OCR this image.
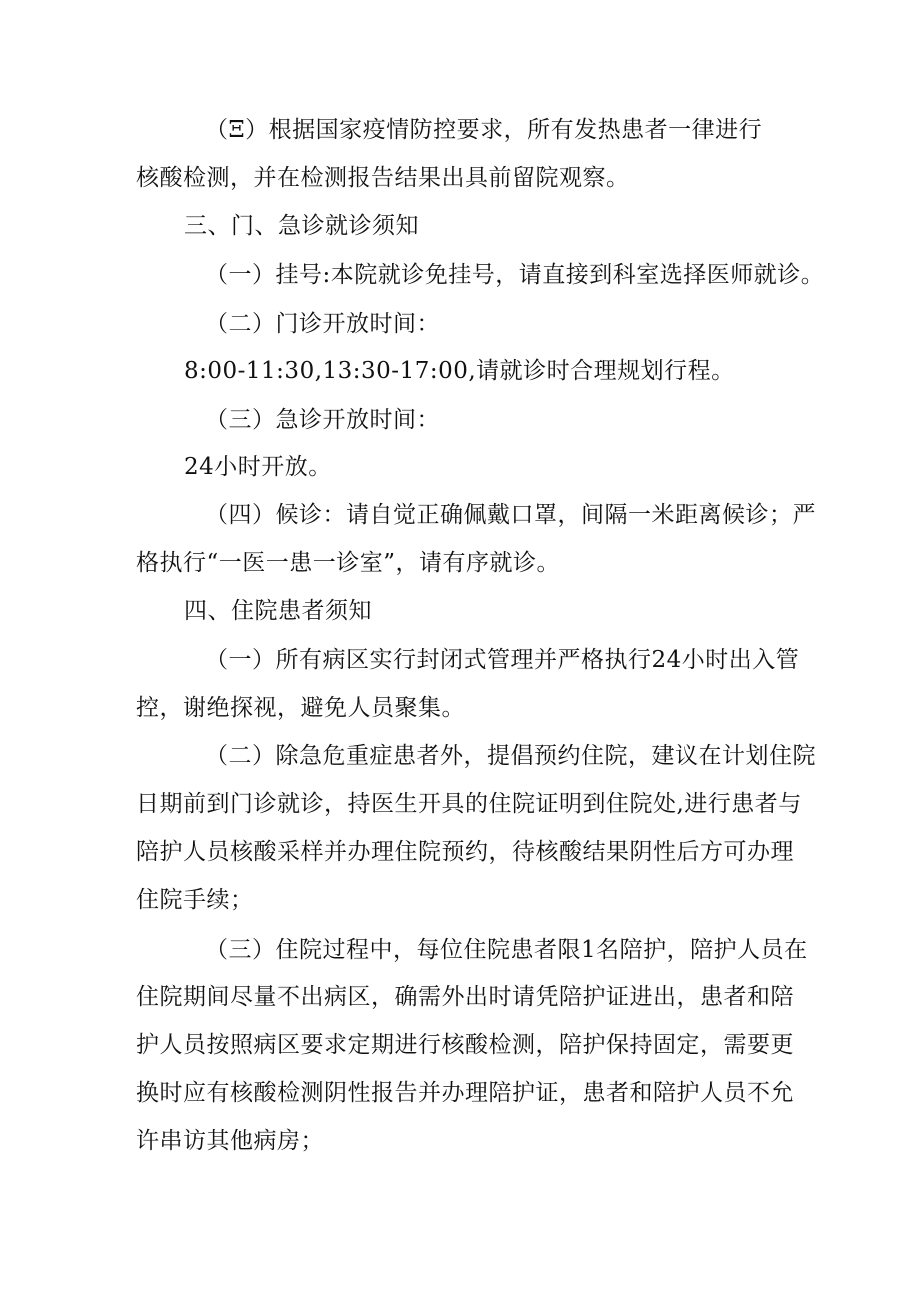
（Ξ）根据国家疫情防控要求，所有发热患者一律进行
核酸检测，并在检测报告结果出具前留院观察。
三、门、急诊就诊须知
（一）挂号:本院就诊免挂号，请直接到科室选择医师就诊。
（二）门诊开放时间：
8:00-11:30,13:30-17:00,请就诊时合理规划行程。
（三）急诊开放时间：
24小时开放。
（四）候诊：请自觉正确佩戴口罩，间隔一米距离候诊；严
格执行“一医一患一诊室”，请有序就诊。
四、住院患者须知
（一）所有病区实行封闭式管理并严格执行24小时出入管
控，谢绝探视，避免人员聚集。
（二）除急危重症患者外，提倡预约住院，建议在计划住院
日期前到门诊就诊，持医生开具的住院证明到住院处,进行患者与
陪护人员核酸采样并办理住院预约，待核酸结果阴性后方可办理
住院手续；
（三）住院过程中，每位住院患者限1名陪护，陪护人员在
住院期间尽量不出病区，确需外出时请凭陪护证进出，患者和陪
护人员按照病区要求定期进行核酸检测，陪护保持固定，需要更
换时应有核酸检测阴性报告并办理陪护证，患者和陪护人员不允
许串访其他病房；
